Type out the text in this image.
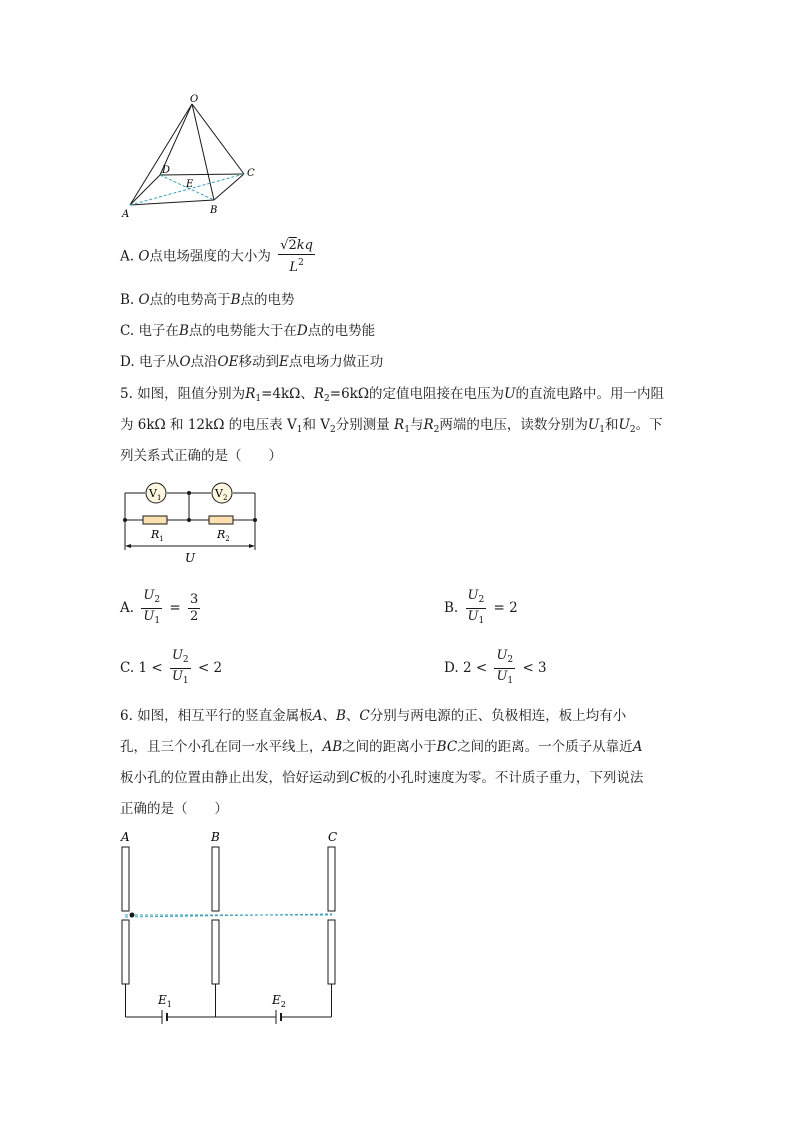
O
D
E
C
A	B
A. O点电场强度的大小为 $\frac{√2kq}{L^2}$
B. O点的电势高于B点的电势
C. 电子在B点的电势能大于在D点的电势能
D. 电子从O点沿OE移动到E点电场力做正功
5. 如图，阻值分别为$R_1=4k\Omega$、$R_2=6k\Omega$的定值电阻接在电压为U的直流电路中。用一内阻
为 6kΩ 和 12kΩ 的电压表 $V_1$和 $V_2$分别测量 $R_1$与$R_2$两端的电压，读数分别为$U_1$和$U_2$。下
列关系式正确的是（　　）
$V_1$	$V_2$
$R_1$	$R_2$
U
A. $\frac{U_2}{U_1} = \frac{3}{2}$	B. $\frac{U_2}{U_1} = 2$
C. $1 < \frac{U_2}{U_1} < 2$	D. $2 < \frac{U_2}{U_1} < 3$
6. 如图，相互平行的竖直金属板A、B、C分别与两电源的正、负极相连，板上均有小
孔，且三个小孔在同一水平线上，AB之间的距离小于BC之间的距离。一个质子从靠近A
板小孔的位置由静止出发，恰好运动到C板的小孔时速度为零。不计质子重力，下列说法
正确的是（　　）
A	B	C
$E_1$	$E_2$
